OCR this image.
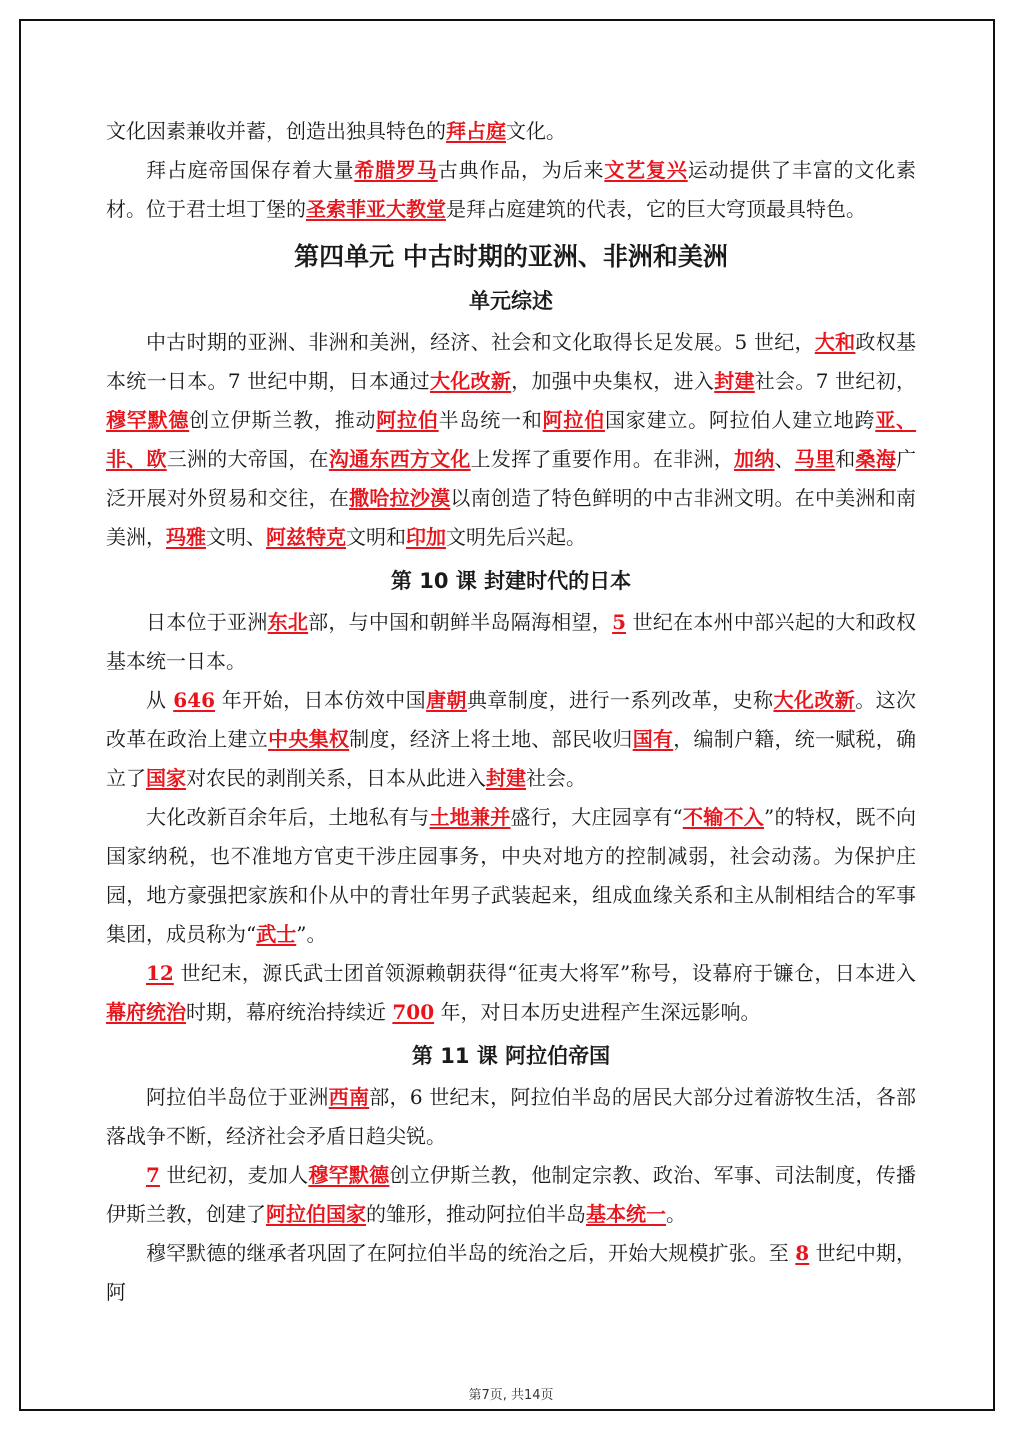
文化因素兼收并蓄，创造出独具特色的拜占庭文化。

拜占庭帝国保存着大量希腊罗马古典作品，为后来文艺复兴运动提供了丰富的文化素材。位于君士坦丁堡的圣索菲亚大教堂是拜占庭建筑的代表，它的巨大穹顶最具特色。

第四单元 中古时期的亚洲、非洲和美洲
单元综述

中古时期的亚洲、非洲和美洲，经济、社会和文化取得长足发展。5 世纪，大和政权基本统一日本。7 世纪中期，日本通过大化改新，加强中央集权，进入封建社会。7 世纪初，穆罕默德创立伊斯兰教，推动阿拉伯半岛统一和阿拉伯国家建立。阿拉伯人建立地跨亚、非、欧三洲的大帝国，在沟通东西方文化上发挥了重要作用。在非洲，加纳、马里和桑海广泛开展对外贸易和交往，在撒哈拉沙漠以南创造了特色鲜明的中古非洲文明。在中美洲和南美洲，玛雅文明、阿兹特克文明和印加文明先后兴起。

第 10 课 封建时代的日本

日本位于亚洲东北部，与中国和朝鲜半岛隔海相望，5 世纪在本州中部兴起的大和政权基本统一日本。

从 646 年开始，日本仿效中国唐朝典章制度，进行一系列改革，史称大化改新。这次改革在政治上建立中央集权制度，经济上将土地、部民收归国有，编制户籍，统一赋税，确立了国家对农民的剥削关系，日本从此进入封建社会。

大化改新百余年后，土地私有与土地兼并盛行，大庄园享有“不输不入”的特权，既不向国家纳税，也不准地方官吏干涉庄园事务，中央对地方的控制减弱，社会动荡。为保护庄园，地方豪强把家族和仆从中的青壮年男子武装起来，组成血缘关系和主从制相结合的军事集团，成员称为“武士”。

12 世纪末，源氏武士团首领源赖朝获得“征夷大将军”称号，设幕府于镰仓，日本进入幕府统治时期，幕府统治持续近 700 年，对日本历史进程产生深远影响。

第 11 课 阿拉伯帝国

阿拉伯半岛位于亚洲西南部，6 世纪末，阿拉伯半岛的居民大部分过着游牧生活，各部落战争不断，经济社会矛盾日趋尖锐。

7 世纪初，麦加人穆罕默德创立伊斯兰教，他制定宗教、政治、军事、司法制度，传播伊斯兰教，创建了阿拉伯国家的雏形，推动阿拉伯半岛基本统一。

穆罕默德的继承者巩固了在阿拉伯半岛的统治之后，开始大规模扩张。至 8 世纪中期，阿

第7页, 共14页
